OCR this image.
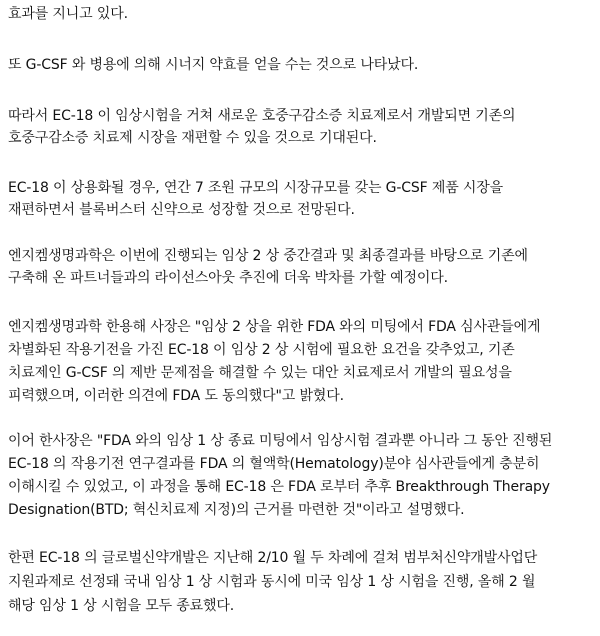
효과를 지니고 있다.
또 G-CSF 와 병용에 의해 시너지 약효를 얻을 수는 것으로 나타났다.
따라서 EC-18 이 임상시험을 거쳐 새로운 호중구감소증 치료제로서 개발되면 기존의
호중구감소증 치료제 시장을 재편할 수 있을 것으로 기대된다.
EC-18 이 상용화될 경우, 연간 7 조원 규모의 시장규모를 갖는 G-CSF 제품 시장을
재편하면서 블록버스터 신약으로 성장할 것으로 전망된다.
엔지켐생명과학은 이번에 진행되는 임상 2 상 중간결과 및 최종결과를 바탕으로 기존에
구축해 온 파트너들과의 라이선스아웃 추진에 더욱 박차를 가할 예정이다.
엔지켐생명과학 한용해 사장은 "임상 2 상을 위한 FDA 와의 미팅에서 FDA 심사관들에게
차별화된 작용기전을 가진 EC-18 이 임상 2 상 시험에 필요한 요건을 갖추었고, 기존
치료제인 G-CSF 의 제반 문제점을 해결할 수 있는 대안 치료제로서 개발의 필요성을
피력했으며, 이러한 의견에 FDA 도 동의했다"고 밝혔다.
이어 한사장은 "FDA 와의 임상 1 상 종료 미팅에서 임상시험 결과뿐 아니라 그 동안 진행된
EC-18 의 작용기전 연구결과를 FDA 의 혈액학(Hematology)분야 심사관들에게 충분히
이해시킬 수 있었고, 이 과정을 통해 EC-18 은 FDA 로부터 추후 Breakthrough Therapy
Designation(BTD; 혁신치료제 지정)의 근거를 마련한 것"이라고 설명했다.
한편 EC-18 의 글로벌신약개발은 지난해 2/10 월 두 차례에 걸쳐 범부처신약개발사업단
지원과제로 선정돼 국내 임상 1 상 시험과 동시에 미국 임상 1 상 시험을 진행, 올해 2 월
해당 임상 1 상 시험을 모두 종료했다.
